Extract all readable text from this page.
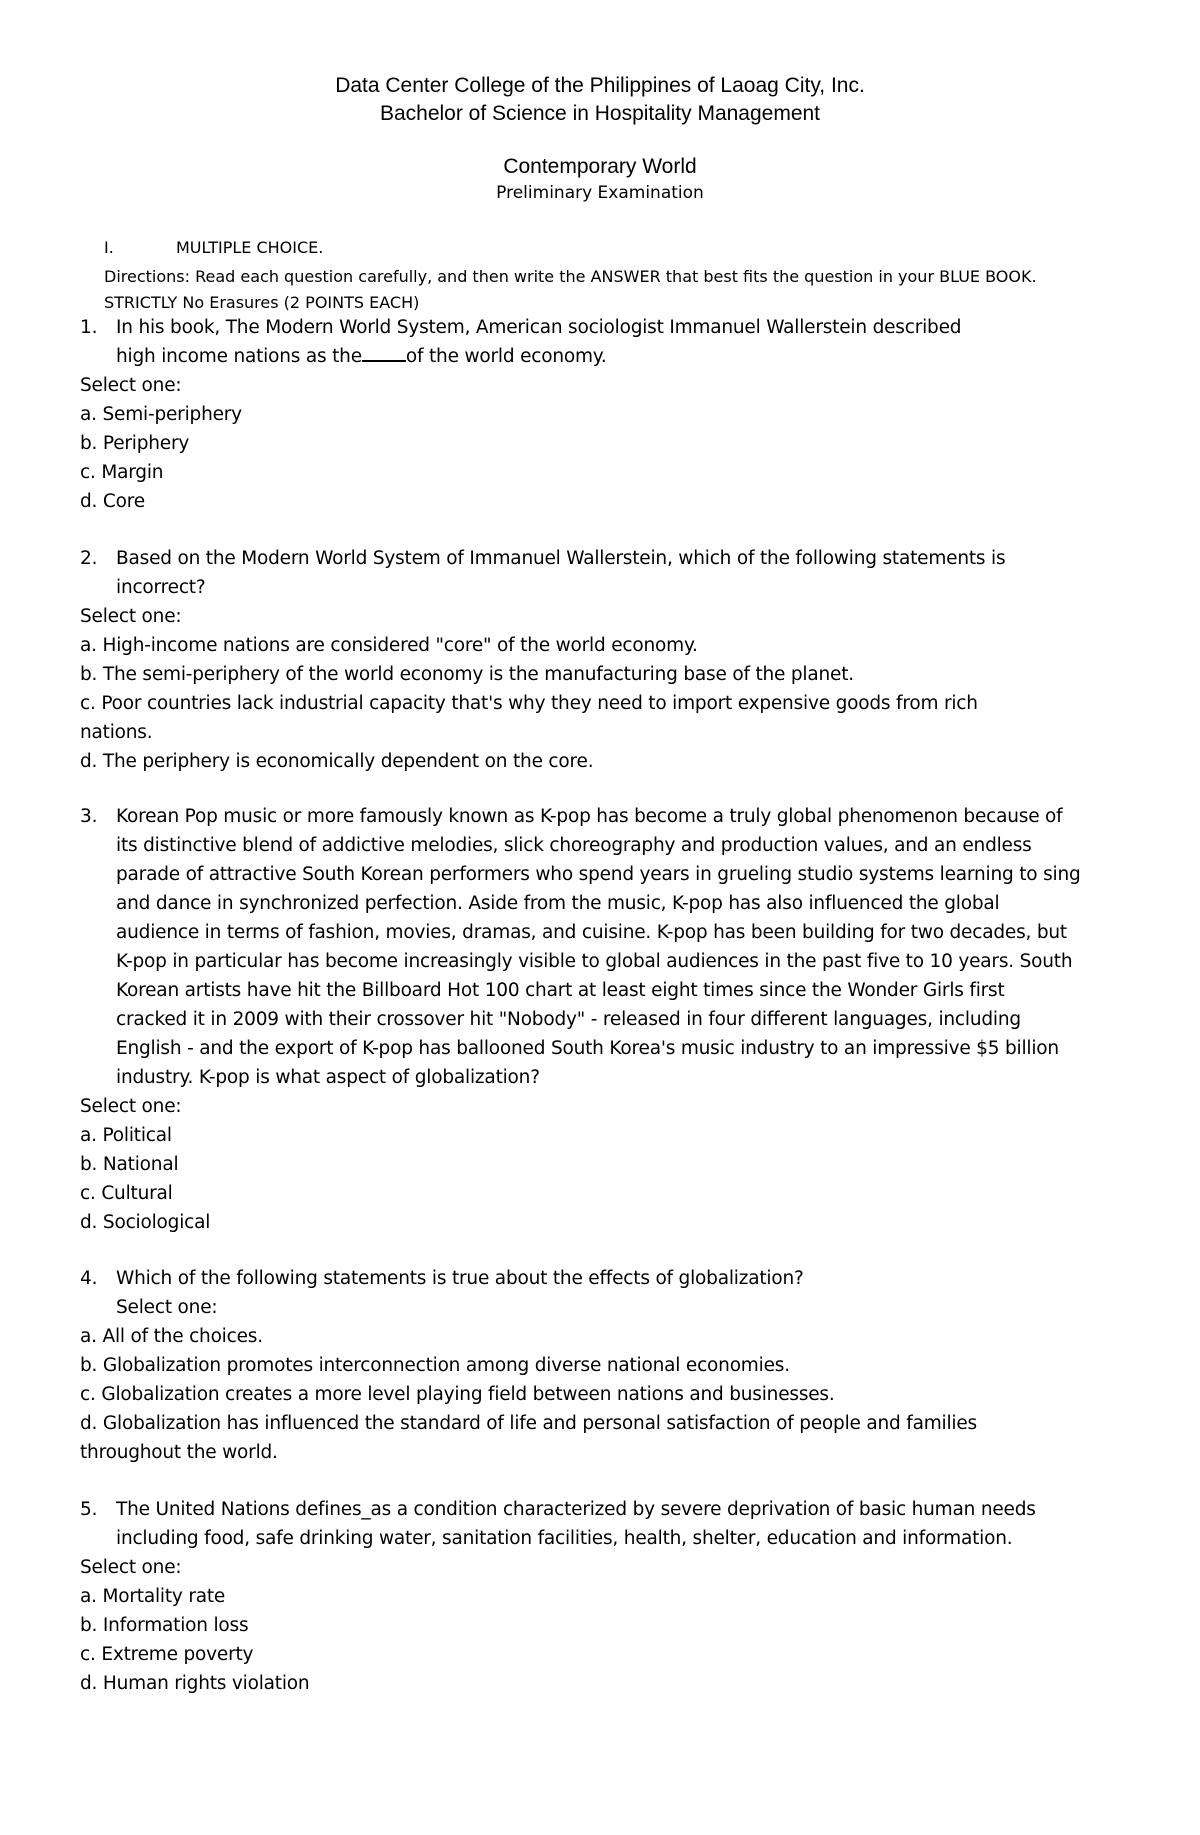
Data Center College of the Philippines of Laoag City, Inc.
Bachelor of Science in Hospitality Management
Contemporary World
Preliminary Examination
I.	MULTIPLE CHOICE.
Directions: Read each question carefully, and then write the ANSWER that best fits the question in your BLUE BOOK.
STRICTLY No Erasures (2 POINTS EACH)
1.	In his book, The Modern World System, American sociologist Immanuel Wallerstein described
high income nations as the of the world economy.
Select one:
a. Semi-periphery
b. Periphery
c. Margin
d. Core
2.	Based on the Modern World System of Immanuel Wallerstein, which of the following statements is
incorrect?
Select one:
a. High-income nations are considered "core" of the world economy.
b. The semi-periphery of the world economy is the manufacturing base of the planet.
c. Poor countries lack industrial capacity that's why they need to import expensive goods from rich
nations.
d. The periphery is economically dependent on the core.
3.	Korean Pop music or more famously known as K-pop has become a truly global phenomenon because of
its distinctive blend of addictive melodies, slick choreography and production values, and an endless
parade of attractive South Korean performers who spend years in grueling studio systems learning to sing
and dance in synchronized perfection. Aside from the music, K-pop has also influenced the global
audience in terms of fashion, movies, dramas, and cuisine. K-pop has been building for two decades, but
K-pop in particular has become increasingly visible to global audiences in the past five to 10 years. South
Korean artists have hit the Billboard Hot 100 chart at least eight times since the Wonder Girls first
cracked it in 2009 with their crossover hit "Nobody" - released in four different languages, including
English - and the export of K-pop has ballooned South Korea's music industry to an impressive $5 billion
industry. K-pop is what aspect of globalization?
Select one:
a. Political
b. National
c. Cultural
d. Sociological
4.	Which of the following statements is true about the effects of globalization?
Select one:
a. All of the choices.
b. Globalization promotes interconnection among diverse national economies.
c. Globalization creates a more level playing field between nations and businesses.
d. Globalization has influenced the standard of life and personal satisfaction of people and families
throughout the world.
5.	The United Nations defines_as a condition characterized by severe deprivation of basic human needs
including food, safe drinking water, sanitation facilities, health, shelter, education and information.
Select one:
a. Mortality rate
b. Information loss
c. Extreme poverty
d. Human rights violation
